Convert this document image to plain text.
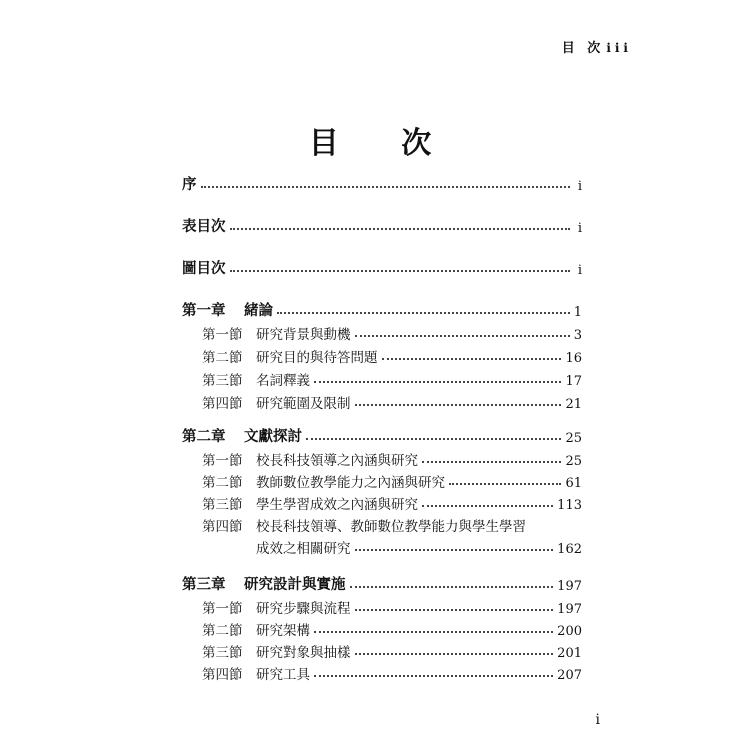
目 次 iii
目 次
序	i
表目次	i
圖目次	i
第一章	緒論	1
第一節	研究背景與動機	3
第二節	研究目的與待答問題	16
第三節	名詞釋義	17
第四節	研究範圍及限制	21
第二章	文獻探討	25
第一節	校長科技領導之內涵與研究	25
第二節	教師數位教學能力之內涵與研究	61
第三節	學生學習成效之內涵與研究	113
第四節	校長科技領導、教師數位教學能力與學生學習
成效之相關研究	162
第三章	研究設計與實施	197
第一節	研究步驟與流程	197
第二節	研究架構	200
第三節	研究對象與抽樣	201
第四節	研究工具	207
i
